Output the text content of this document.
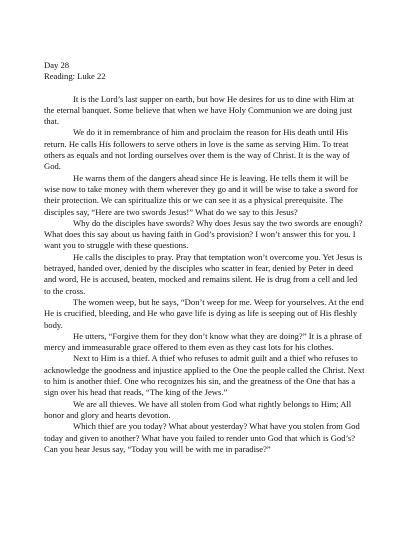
Day 28

Reading: Luke 22

It is the Lord’s last supper on earth, but how He desires for us to dine with Him at the eternal banquet. Some believe that when we have Holy Communion we are doing just that.

We do it in remembrance of him and proclaim the reason for His death until His return. He calls His followers to serve others in love is the same as serving Him. To treat others as equals and not lording ourselves over them is the way of Christ. It is the way of God.

He warns them of the dangers ahead since He is leaving. He tells them it will be wise now to take money with them wherever they go and it will be wise to take a sword for their protection. We can spiritualize this or we can see it as a physical prerequisite. The disciples say, “Here are two swords Jesus!” What do we say to this Jesus?

Why do the disciples have swords? Why does Jesus say the two swords are enough? What does this say about us having faith in God’s provision? I won’t answer this for you. I want you to struggle with these questions.

He calls the disciples to pray. Pray that temptation won’t overcome you. Yet Jesus is betrayed, handed over, denied by the disciples who scatter in fear, denied by Peter in deed and word, He is accused, beaten, mocked and remains silent. He is drug from a cell and led to the cross.

The women weep, but he says, “Don’t weep for me. Weep for yourselves. At the end He is crucified, bleeding, and He who gave life is dying as life is seeping out of His fleshly body.

He utters, “Forgive them for they don’t know what they are doing?” It is a phrase of mercy and immeasurable grace offered to them even as they cast lots for his clothes.

Next to Him is a thief. A thief who refuses to admit guilt and a thief who refuses to acknowledge the goodness and injustice applied to the One the people called the Christ. Next to him is another thief. One who recognizes his sin, and the greatness of the One that has a sign over his head that reads, “The king of the Jews.”

We are all thieves. We have all stolen from God what rightly belongs to Him; All honor and glory and hearts devotion.

Which thief are you today? What about yesterday? What have you stolen from God today and given to another? What have you failed to render unto God that which is God’s? Can you hear Jesus say, “Today you will be with me in paradise?”
